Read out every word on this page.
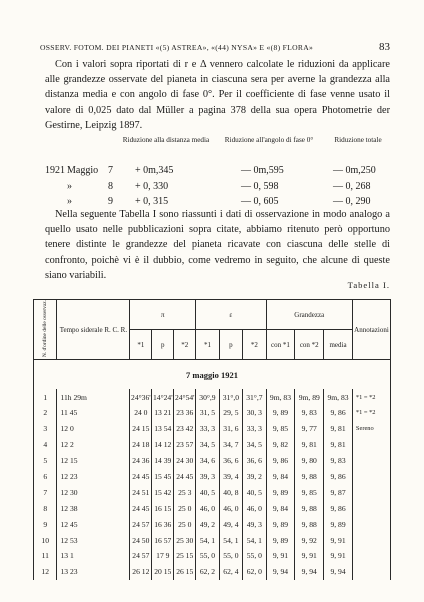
OSSERV. FOTOM. DEI PIANETI «(5) ASTREA», «(44) NYSA» E «(8) FLORA»	83

Con i valori sopra riportati di r e Δ vennero calcolate le riduzioni da applicare alle grandezze osservate del pianeta in ciascuna sera per averne la grandezza alla distanza media e con angolo di fase 0°. Per il coefficiente di fase venne usato il valore di 0,025 dato dal Müller a pagina 378 della sua opera Photometrie der Gestirne, Leipzig 1897.

Riduzione alla distanza media Riduzione all'angolo di fase 0°	Riduzione totale
1921 Maggio 7 + 0m,345	— 0m,595	— 0m,250
»	8 + 0, 330	— 0, 598	— 0, 268
»	9 + 0, 315	— 0, 605	— 0, 290

Nella seguente Tabella I sono riassunti i dati di osservazione in modo analogo a quello usato nelle pubblicazioni sopra citate, abbiamo ritenuto però opportuno tenere distinte le grandezze del pianeta ricavate con ciascuna delle stelle di confronto, poichè vi è il dubbio, come vedremo in seguito, che alcune di queste siano variabili.

Tabella I.
N. d'ordine delle osservaz.	Tempo siderale R. C. R.	π			ε			Grandezza			Annotazioni
		*1	p	*2	*1	p	*2	con *1	con *2	media	
7 maggio 1921											
1	11h 29m	24°36'	14°24'	24°54'	30°,9	31°,0	31°,7	9m, 83	9m, 89	9m, 83	*1 = *2
2	11 45	24 0	13 21	23 36	31, 5	29, 5	30, 3	9, 89	9, 83	9, 86	*1 = *2
3	12 0	24 15	13 54	23 42	33, 3	31, 6	33, 3	9, 85	9, 77	9, 81	Sereno
4	12 2	24 18	14 12	23 57	34, 5	34, 7	34, 5	9, 82	9, 81	9, 81	
5	12 15	24 36	14 39	24 30	34, 6	36, 6	36, 6	9, 86	9, 80	9, 83	
6	12 23	24 45	15 45	24 45	39, 3	39, 4	39, 2	9, 84	9, 88	9, 86	
7	12 30	24 51	15 42	25 3	40, 5	40, 8	40, 5	9, 89	9, 85	9, 87	
8	12 38	24 45	16 15	25 0	46, 0	46, 0	46, 0	9, 84	9, 88	9, 86	
9	12 45	24 57	16 36	25 0	49, 2	49, 4	49, 3	9, 89	9, 88	9, 89	
10	12 53	24 50	16 57	25 30	54, 1	54, 1	54, 1	9, 89	9, 92	9, 91	
11	13 1	24 57	17 9	25 15	55, 0	55, 0	55, 0	9, 91	9, 91	9, 91	
12	13 23	26 12	20 15	26 15	62, 2	62, 4	62, 0	9, 94	9, 94	9, 94	
